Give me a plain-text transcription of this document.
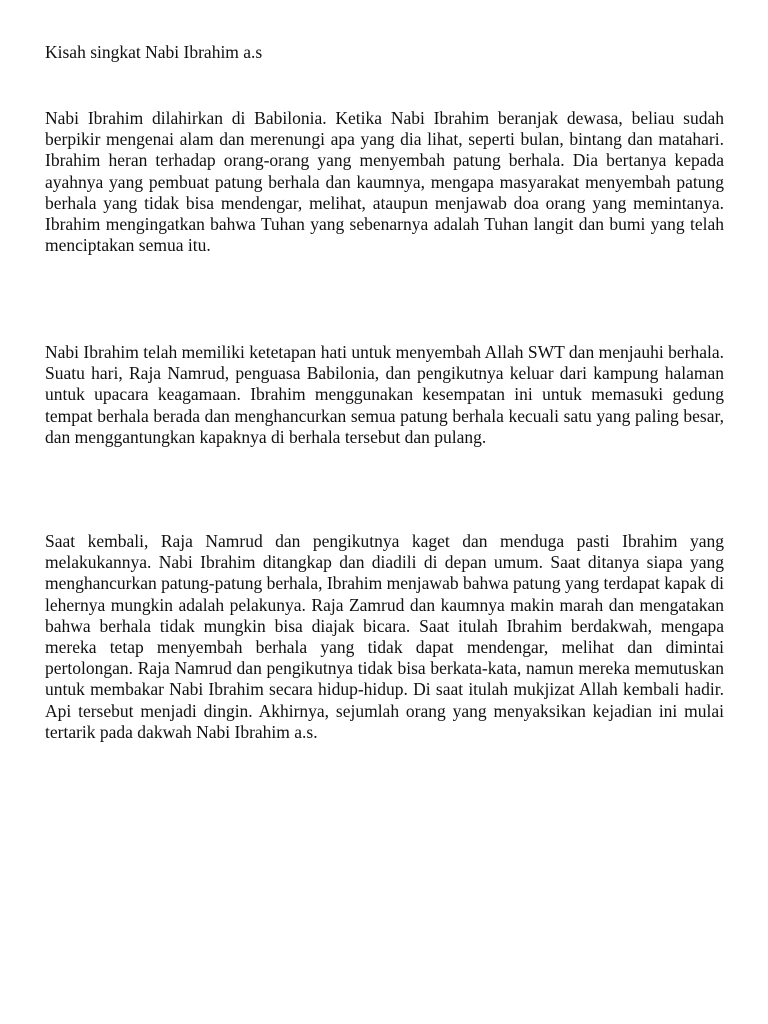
Kisah singkat Nabi Ibrahim a.s

Nabi Ibrahim dilahirkan di Babilonia. Ketika Nabi Ibrahim beranjak dewasa, beliau sudah berpikir mengenai alam dan merenungi apa yang dia lihat, seperti bulan, bintang dan matahari. Ibrahim heran terhadap orang-orang yang menyembah patung berhala. Dia bertanya kepada ayahnya yang pembuat patung berhala dan kaumnya, mengapa masyarakat menyembah patung berhala yang tidak bisa mendengar, melihat, ataupun menjawab doa orang yang memintanya. Ibrahim mengingatkan bahwa Tuhan yang sebenarnya adalah Tuhan langit dan bumi yang telah menciptakan semua itu.

Nabi Ibrahim telah memiliki ketetapan hati untuk menyembah Allah SWT dan menjauhi berhala. Suatu hari, Raja Namrud, penguasa Babilonia, dan pengikutnya keluar dari kampung halaman untuk upacara keagamaan. Ibrahim menggunakan kesempatan ini untuk memasuki gedung tempat berhala berada dan menghancurkan semua patung berhala kecuali satu yang paling besar, dan menggantungkan kapaknya di berhala tersebut dan pulang.

Saat kembali, Raja Namrud dan pengikutnya kaget dan menduga pasti Ibrahim yang melakukannya. Nabi Ibrahim ditangkap dan diadili di depan umum. Saat ditanya siapa yang menghancurkan patung-patung berhala, Ibrahim menjawab bahwa patung yang terdapat kapak di lehernya mungkin adalah pelakunya. Raja Zamrud dan kaumnya makin marah dan mengatakan bahwa berhala tidak mungkin bisa diajak bicara. Saat itulah Ibrahim berdakwah, mengapa mereka tetap menyembah berhala yang tidak dapat mendengar, melihat dan dimintai pertolongan. Raja Namrud dan pengikutnya tidak bisa berkata-kata, namun mereka memutuskan untuk membakar Nabi Ibrahim secara hidup-hidup. Di saat itulah mukjizat Allah kembali hadir. Api tersebut menjadi dingin. Akhirnya, sejumlah orang yang menyaksikan kejadian ini mulai tertarik pada dakwah Nabi Ibrahim a.s.
